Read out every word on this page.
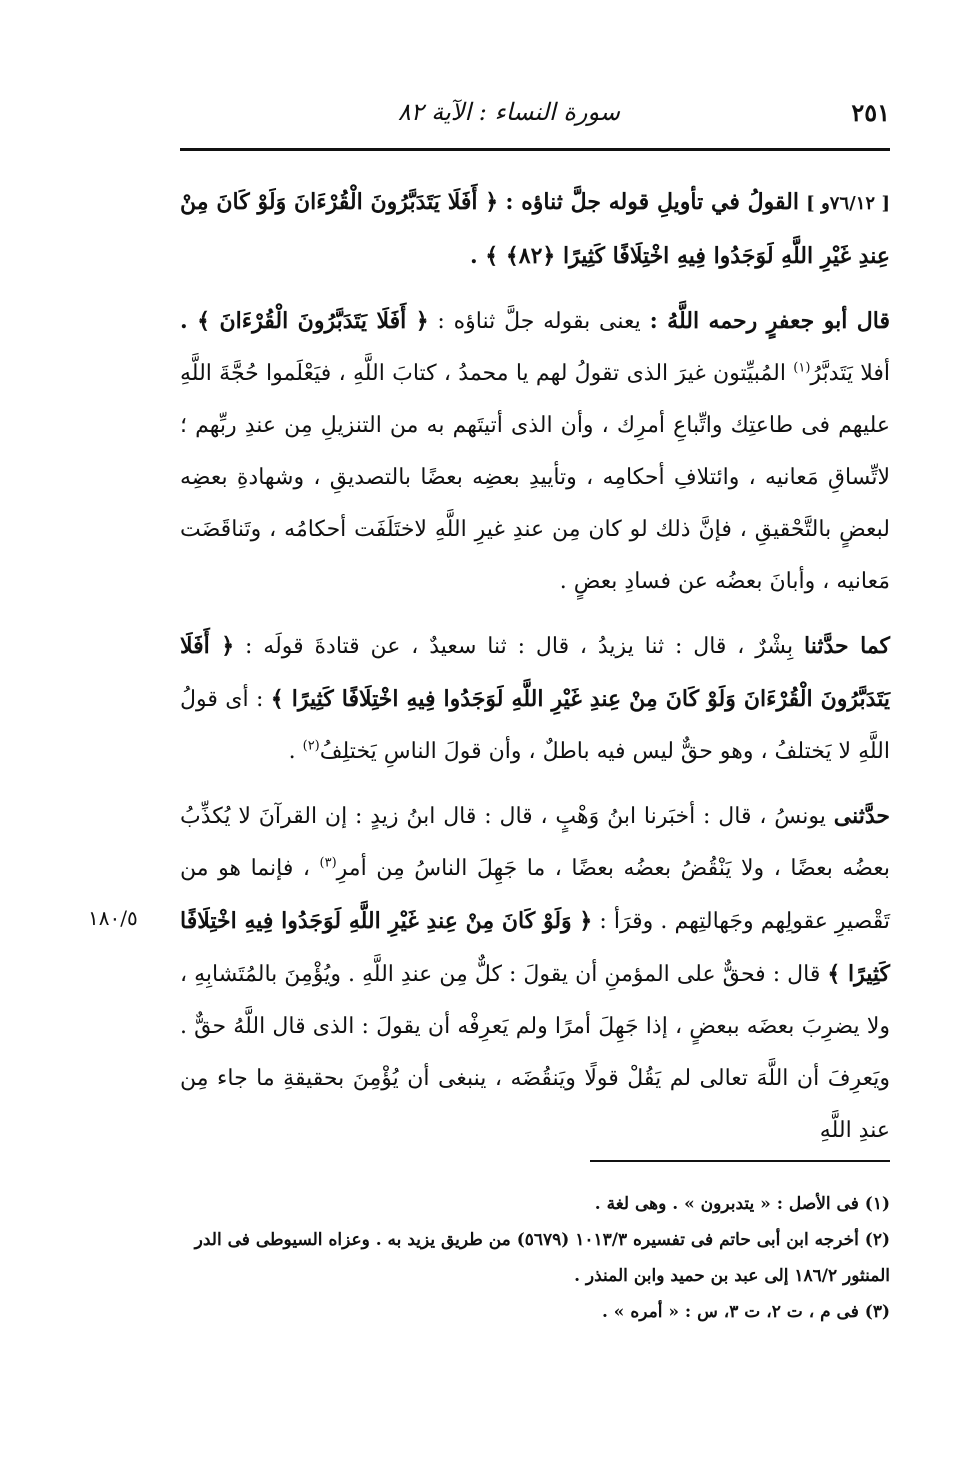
٢٥١
سورة النساء : الآية ٨٢

[ ٧٦/١٢و ] القولُ في تأويلِ قوله جلَّ ثناؤه : ﴿ أَفَلَا يَتَدَبَّرُونَ الْقُرْءَانَ وَلَوْ كَانَ مِنْ عِندِ غَيْرِ اللَّهِ لَوَجَدُوا فِيهِ اخْتِلَافًا كَثِيرًا ﴿٨٢﴾ ﴾ .

قال أبو جعفرٍ رحمه اللَّهُ : يعنى بقوله جلَّ ثناؤه : ﴿ أَفَلَا يَتَدَبَّرُونَ الْقُرْءَانَ ﴾ . أفلا يَتَدبَّرُ$^{(١)}$ المُبيِّتون غيرَ الذى تقولُ لهم يا محمدُ ، كتابَ اللَّهِ ، فيَعْلَموا حُجَّةَ اللَّهِ عليهم فى طاعتِك واتِّباعِ أمرِك ، وأن الذى أتيتَهم به من التنزيلِ مِن عندِ ربِّهم ؛ لاتِّساقِ مَعانيه ، وائتلافِ أحكامِه ، وتأييدِ بعضِه بعضًا بالتصديقِ ، وشهادةِ بعضِه لبعضٍ بالتَّحْقيقِ ، فإنَّ ذلك لو كان مِن عندِ غيرِ اللَّهِ لاختَلَفَت أحكامُه ، وتَناقَضَت مَعانيه ، وأبانَ بعضُه عن فسادِ بعضٍ .

كما حدَّثنا بِشْرٌ ، قال : ثنا يزيدُ ، قال : ثنا سعيدٌ ، عن قتادةَ قولَه : ﴿ أَفَلَا يَتَدَبَّرُونَ الْقُرْءَانَ وَلَوْ كَانَ مِنْ عِندِ غَيْرِ اللَّهِ لَوَجَدُوا فِيهِ اخْتِلَافًا كَثِيرًا ﴾ : أى قولُ اللَّهِ لا يَختلفُ ، وهو حقٌّ ليس فيه باطلٌ ، وأن قولَ الناسِ يَختلِفُ$^{(٢)}$ .

حدَّثنى يونسُ ، قال : أخبَرنا ابنُ وَهْبٍ ، قال : قال ابنُ زيدٍ : إن القرآنَ لا يُكذِّبُ بعضُه بعضًا ، ولا يَنْقُضُ بعضُه بعضًا ، ما جَهِلَ الناسُ مِن أمرِ$^{(٣)}$ ، فإنما هو من تَقْصيرِ عقولِهم وجَهالتِهم . وقرَأ : ﴿ وَلَوْ كَانَ مِنْ عِندِ غَيْرِ اللَّهِ لَوَجَدُوا فِيهِ اخْتِلَافًا كَثِيرًا ﴾ قال : فحقٌّ على المؤمنِ أن يقولَ : كلٌّ مِن عندِ اللَّهِ . ويُؤْمِنَ بالمُتَشابِهِ ، ولا يضرِبَ بعضَه ببعضٍ ، إذا جَهِلَ أمرًا ولم يَعرِفْه أن يقولَ : الذى قال اللَّهُ حقٌّ . ويَعرِفَ أن اللَّهَ تعالى لم يَقُلْ قولًا ويَنقُضَه ، ينبغى أن يُؤْمِنَ بحقيقةِ ما جاء مِن عندِ اللَّهِ

١٨٠/٥

(١) فى الأصل : « يتدبرون » . وهى لغة .

(٢) أخرجه ابن أبى حاتم فى تفسيره ١٠١٣/٣ (٥٦٧٩) من طريق يزيد به . وعزاه السيوطى فى الدر المنثور ١٨٦/٢ إلى عبد بن حميد وابن المنذر .

(٣) فى م ، ت ٢، ت ٣، س : « أمره » .
